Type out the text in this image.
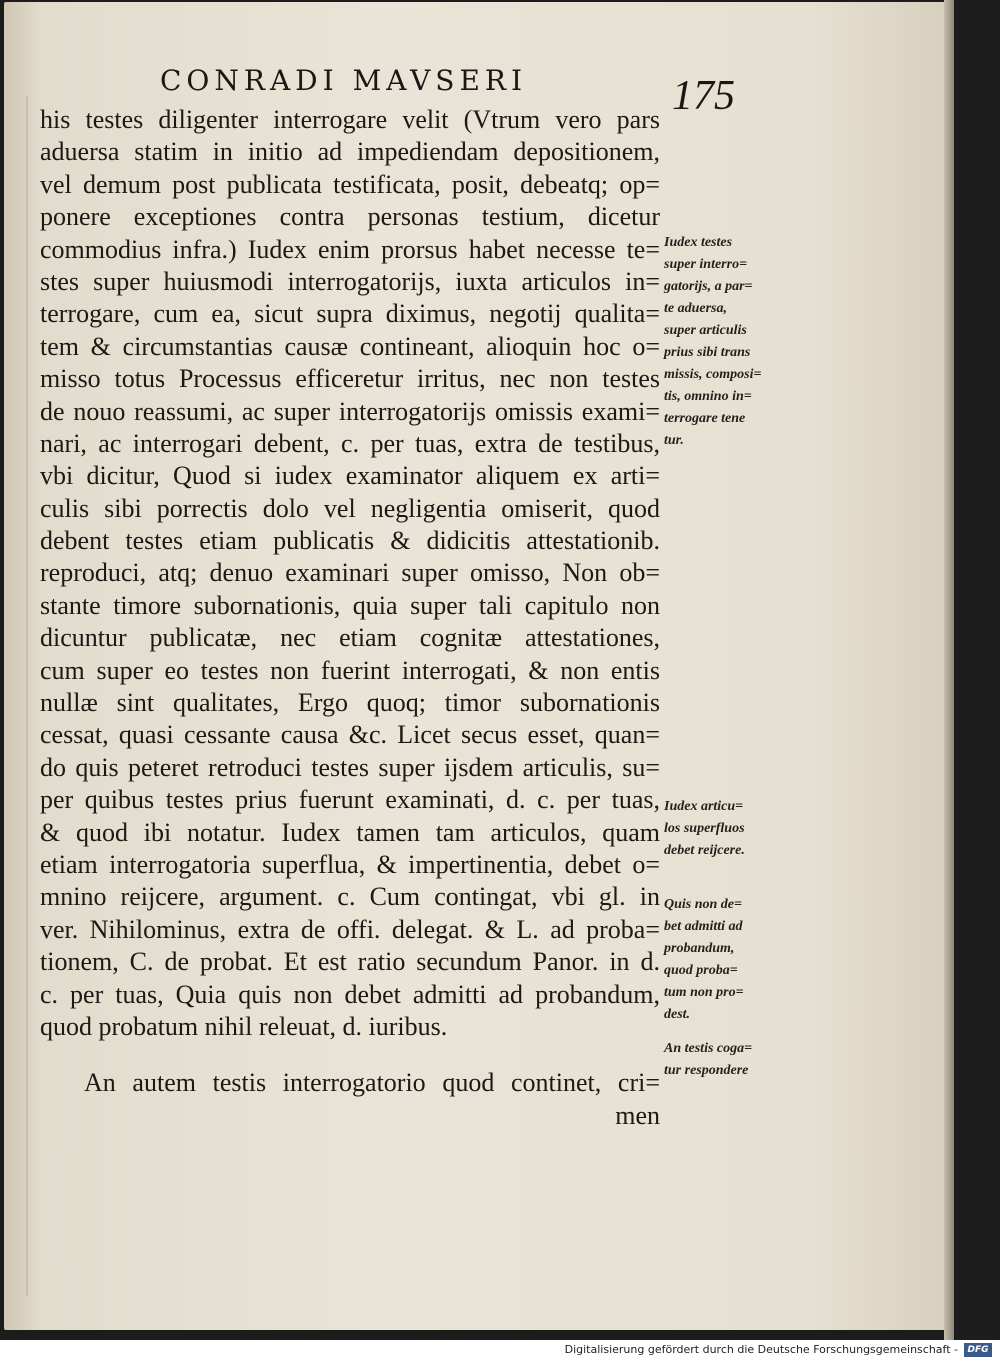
CONRADI MAVSERI	175
his testes diligenter interrogare velit (Vtrum vero pars
aduersa statim in initio ad impediendam depositionem,
vel demum post publicata testificata, posit, debeatq; op=
ponere exceptiones contra personas testium, dicetur
commodius infra.) Iudex enim prorsus habet necesse te=
stes super huiusmodi interrogatorijs, iuxta articulos in=
terrogare, cum ea, sicut supra diximus, negotij qualita=
tem & circumstantias causæ contineant, alioquin hoc o=
misso totus Processus efficeretur irritus, nec non testes
de nouo reassumi, ac super interrogatorijs omissis exami=
nari, ac interrogari debent, c. per tuas, extra de testibus,
vbi dicitur, Quod si iudex examinator aliquem ex arti=
culis sibi porrectis dolo vel negligentia omiserit, quod
debent testes etiam publicatis & didicitis attestationib.
reproduci, atq; denuo examinari super omisso, Non ob=
stante timore subornationis, quia super tali capitulo non
dicuntur publicatæ, nec etiam cognitæ attestationes,
cum super eo testes non fuerint interrogati, & non entis
nullæ sint qualitates, Ergo quoq; timor subornationis
cessat, quasi cessante causa &c. Licet secus esset, quan=
do quis peteret retroduci testes super ijsdem articulis, su=
per quibus testes prius fuerunt examinati, d. c. per tuas,
& quod ibi notatur. Iudex tamen tam articulos, quam
etiam interrogatoria superflua, & impertinentia, debet o=
mnino reijcere, argument. c. Cum contingat, vbi gl. in
ver. Nihilominus, extra de offi. delegat. & L. ad proba=
tionem, C. de probat. Et est ratio secundum Panor. in d.
c. per tuas, Quia quis non debet admitti ad probandum,
quod probatum nihil releuat, d. iuribus.
An autem testis interrogatorio quod continet, cri=
men
Iudex testes
super interro=
gatorijs, a par=
te aduersa,
super articulis
prius sibi trans
missis, composi=
tis, omnino in=
terrogare tene
tur.
Iudex articu=
los superfluos
debet reijcere.
Quis non de=
bet admitti ad
probandum,
quod proba=
tum non pro=
dest.
An testis coga=
tur respondere
Digitalisierung gefördert durch die Deutsche Forschungsgemeinschaft -	DFG
